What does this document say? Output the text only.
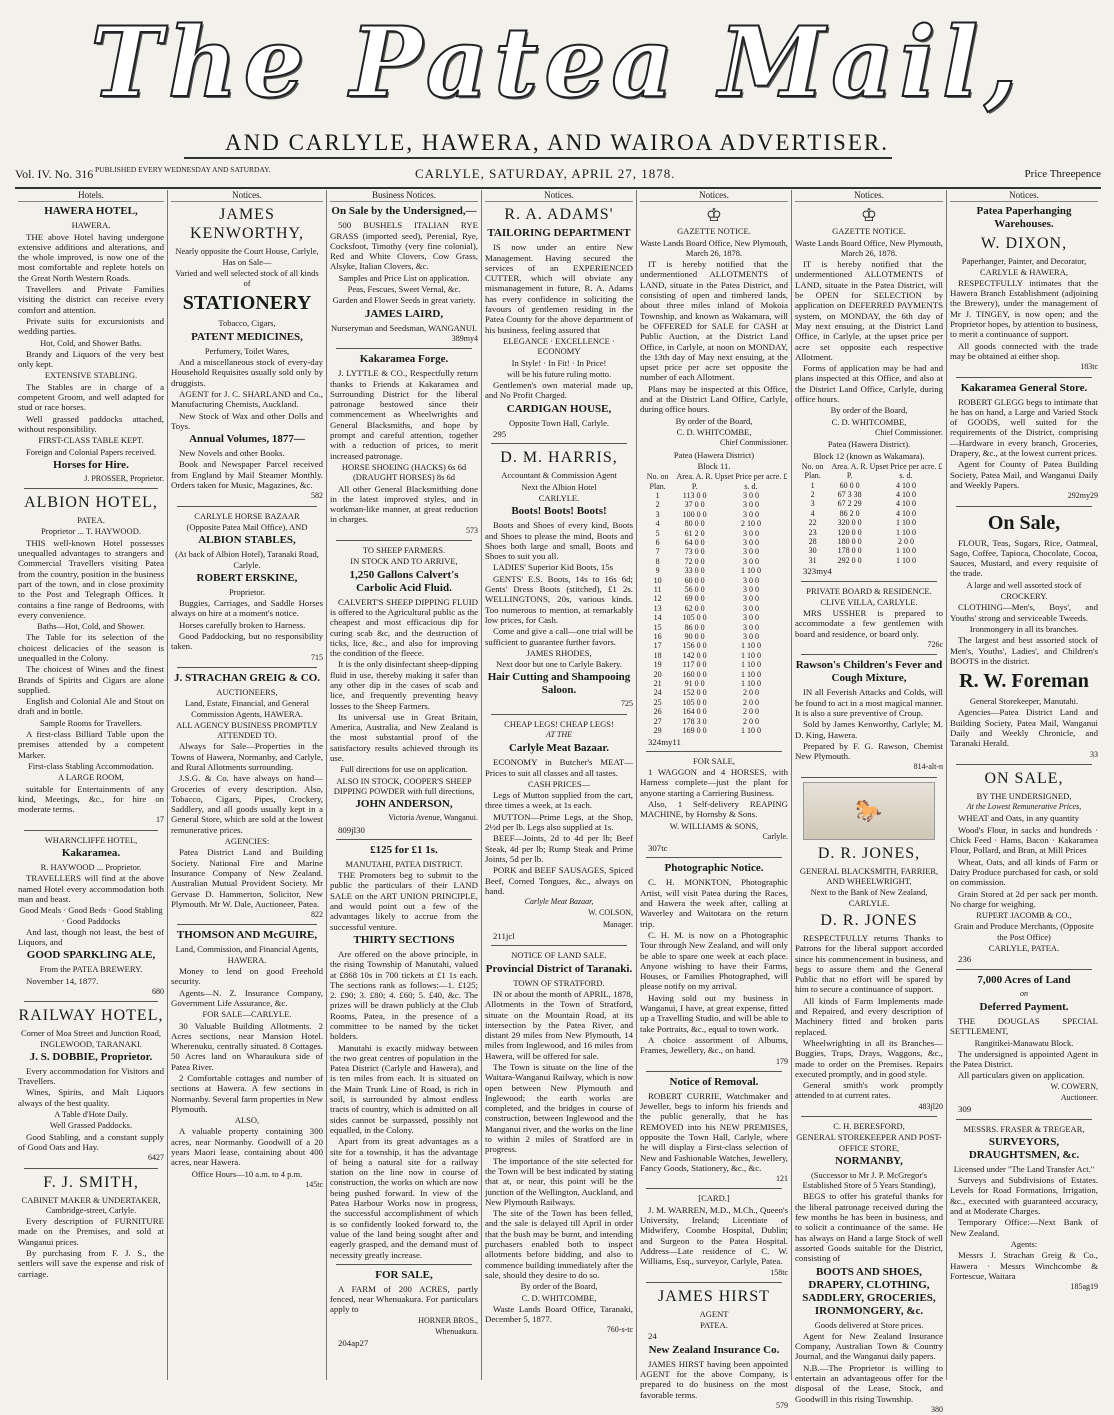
The Patea Mail,
AND CARLYLE, HAWERA, AND WAIROA ADVERTISER.
Vol. IV. No. 316 PUBLISHED EVERY WEDNESDAY AND SATURDAY.	CARLYLE, SATURDAY, APRIL 27, 1878.	Price Threepence
Hotels.
HAWERA HOTEL,
HAWERA.
THE above Hotel having undergone extensive additions and alterations, and the whole improved, is now one of the most comfortable and replete hotels on the Great North Western Roads.
Travellers and Private Families visiting the district can receive every comfort and attention.
Private suits for excursionists and wedding parties.
Hot, Cold, and Shower Baths.
Brandy and Liquors of the very best only kept.
EXTENSIVE STABLING.
The Stables are in charge of a competent Groom, and well adapted for stud or race horses.
Well grassed paddocks attached, without responsibility.
FIRST-CLASS TABLE KEPT.
Foreign and Colonial Papers received.
Horses for Hire.
J. PROSSER, Proprietor.
ALBION HOTEL,
PATEA.
Proprietor ... T. HAYWOOD.
THIS well-known Hotel possesses unequalled advantages to strangers and Commercial Travellers visiting Patea from the country, position in the business part of the town, and in close proximity to the Post and Telegraph Offices. It contains a fine range of Bedrooms, with every convenience.
Baths—Hot, Cold, and Shower.
The Table for its selection of the choicest delicacies of the season is unequalled in the Colony.
The choicest of Wines and the finest Brands of Spirits and Cigars are alone supplied.
English and Colonial Ale and Stout on draft and in bottle.
Sample Rooms for Travellers.
A first-class Billiard Table upon the premises attended by a competent Marker.
First-class Stabling Accommodation.
A LARGE ROOM,
suitable for Entertainments of any kind, Meetings, &c., for hire on moderate terms.
17
WHARNCLIFFE HOTEL,
Kakaramea.
R. HAYWOOD ... Proprietor.
TRAVELLERS will find at the above named Hotel every accommodation both man and beast.
Good Meals · Good Beds · Good Stabling · Good Paddocks
And last, though not least, the best of Liquors, and
GOOD SPARKLING ALE,
From the PATEA BREWERY.
November 14, 1877.
680
RAILWAY HOTEL,
Corner of Moa Street and Junction Road, INGLEWOOD, TARANAKI.
J. S. DOBBIE, Proprietor.
Every accommodation for Visitors and Travellers.
Wines, Spirits, and Malt Liquors always of the best quality.
A Table d'Hote Daily.
Well Grassed Paddocks.
Good Stabling, and a constant supply of Good Oats and Hay.
6427
F. J. SMITH,
CABINET MAKER & UNDERTAKER, Cambridge-street, Carlyle.
Every description of FURNITURE made on the Premises, and sold at Wanganui prices.
By purchasing from F. J. S., the settlers will save the expense and risk of carriage.
Notices.
JAMES KENWORTHY,
Nearly opposite the Court House, Carlyle, Has on Sale—
Varied and well selected stock of all kinds of
STATIONERY
Tobacco, Cigars,
PATENT MEDICINES,
Perfumery, Toilet Wares,
And a miscellaneous stock of every-day Household Requisites usually sold only by druggists.
AGENT for J. C. SHARLAND and Co., Manufacturing Chemists, Auckland.
New Stock of Wax and other Dolls and Toys.
Annual Volumes, 1877—
New Novels and other Books.
Book and Newspaper Parcel received from England by Mail Steamer Monthly. Orders taken for Music, Magazines, &c.
582
CARLYLE HORSE BAZAAR
(Opposite Patea Mail Office), AND
ALBION STABLES,
(At back of Albion Hotel), Taranaki Road, Carlyle.
ROBERT ERSKINE,
Proprietor.
Buggies, Carriages, and Saddle Horses always on hire at a moment's notice.
Horses carefully broken to Harness.
Good Paddocking, but no responsibility taken.
715
J. STRACHAN GREIG & CO.
AUCTIONEERS,
Land, Estate, Financial, and General Commission Agents, HAWERA.
ALL AGENCY BUSINESS PROMPTLY ATTENDED TO.
Always for Sale—Properties in the Towns of Hawera, Normanby, and Carlyle, and Rural Allotments surrounding.
J.S.G. & Co. have always on hand—Groceries of every description. Also, Tobacco, Cigars, Pipes, Crockery, Saddlery, and all goods usually kept in a General Store, which are sold at the lowest remunerative prices.
AGENCIES:
Patea District Land and Building Society. National Fire and Marine Insurance Company of New Zealand. Australian Mutual Provident Society. Mr Gervase D. Hammerton, Solicitor, New Plymouth. Mr W. Dale, Auctioneer, Patea.
822
THOMSON AND McGUIRE,
Land, Commission, and Financial Agents, HAWERA.
Money to lend on good Freehold security.
Agents—N. Z. Insurance Company, Government Life Assurance, &c.
FOR SALE—CARLYLE.
30 Valuable Building Allotments. 2 Acres sections, near Mansion Hotel. Wherenuku, centrally situated. 8 Cottages. 50 Acres land on Wharaukura side of Patea River.
2 Comfortable cottages and number of sections at Hawera. A few sections in Normanby. Several farm properties in New Plymouth.
ALSO,
A valuable property containing 300 acres, near Normanby. Goodwill of a 20 years Maori lease, containing about 400 acres, near Hawera.
Office Hours—10 a.m. to 4 p.m.
145tc
Business Notices.
On Sale by the Undersigned,—
500 BUSHELS ITALIAN RYE GRASS (imported seed), Perenial, Rye, Cocksfoot, Timothy (very fine colonial), Red and White Clovers, Cow Grass, Alsyke, Italian Clovers, &c.
Samples and Price List on application.
Peas, Fescues, Sweet Vernal, &c.
Garden and Flower Seeds in great variety.
JAMES LAIRD,
Nurseryman and Seedsman, WANGANUI.
389my4
Kakaramea Forge.
J. LYTTLE & CO., Respectfully return thanks to Friends at Kakaramea and Surrounding District for the liberal patronage bestowed since their commencement as Wheelwrights and General Blacksmiths, and hope by prompt and careful attention, together with a reduction of prices, to merit increased patronage.
HORSE SHOEING (HACKS) 6s 6d (DRAUGHT HORSES) 8s 6d
All other General Blacksmithing done in the latest improved styles, and in workman-like manner, at great reduction in charges.
573
TO SHEEP FARMERS.
IN STOCK AND TO ARRIVE,
1,250 Gallons Calvert's Carbolic Acid Fluid.
CALVERT'S SHEEP DIPPING FLUID is offered to the Agricultural public as the cheapest and most efficacious dip for curing scab &c, and the destruction of ticks, lice, &c., and also for improving the condition of the fleece.
It is the only disinfectant sheep-dipping fluid in use, thereby making it safer than any other dip in the cases of scab and lice, and frequently preventing heavy losses to the Sheep Farmers.
Its universal use in Great Britain, America, Australia, and New Zealand is the most substantial proof of the satisfactory results achieved through its use.
Full directions for use on application.
ALSO IN STOCK, COOPER'S SHEEP DIPPING POWDER with full directions,
JOHN ANDERSON,
Victoria Avenue, Wanganui.
809jl30
£125 for £1 1s.
MANUTAHI, PATEA DISTRICT.
THE Promoters beg to submit to the public the particulars of their LAND SALE on the ART UNION PRINCIPLE, and would point out a few of the advantages likely to accrue from the successful venture.
THIRTY SECTIONS
Are offered on the above principle, in the rising Township of Manutahi, valued at £868 10s in 700 tickets at £1 1s each. The sections rank as follows:—1. £125; 2. £90; 3. £80; 4. £60; 5. £40, &c. The prizes will be drawn publicly at the Club Rooms, Patea, in the presence of a committee to be named by the ticket holders.
Manutahi is exactly midway between the two great centres of population in the Patea District (Carlyle and Hawera), and is ten miles from each. It is situated on the Main Trunk Line of Road, is rich in soil, is surrounded by almost endless tracts of country, which is admitted on all sides cannot be surpassed, possibly not equalled, in the Colony.
Apart from its great advantages as a site for a township, it has the advantage of being a natural site for a railway station on the line now in course of construction, the works on which are now being pushed forward. In view of the Patea Harbour Works now in progress, the successful accomplishment of which is so confidently looked forward to, the value of the land being sought after and eagerly grasped, and the demand must of necessity greatly increase.
FOR SALE,
A FARM of 200 ACRES, partly fenced, near Whenuakura. For particulars apply to
HORNER BROS.,
Whenuakura.
204ap27
Notices.
R. A. ADAMS'
TAILORING DEPARTMENT
IS now under an entire New Management. Having secured the services of an EXPERIENCED CUTTER, which will obviate any mismanagement in future, R. A. Adams has every confidence in soliciting the favours of gentlemen residing in the Patea County for the above department of his business, feeling assured that
ELEGANCE · EXCELLENCE · ECONOMY
In Style! · In Fit! · In Price!
will be his future ruling motto.
Gentlemen's own material made up, and No Profit Charged.
CARDIGAN HOUSE,
Opposite Town Hall, Carlyle.
295
D. M. HARRIS,
Accountant & Commission Agent
Next the Albion Hotel
CARLYLE.
Boots! Boots! Boots!
Boots and Shoes of every kind, Boots and Shoes to please the mind, Boots and Shoes both large and small, Boots and Shoes to suit you all.
LADIES' Superior Kid Boots, 15s
GENTS' E.S. Boots, 14s to 16s 6d; Gents' Dress Boots (stitched), £1 2s. WELLINGTONS, 20s, various kinds. Too numerous to mention, at remarkably low prices, for Cash.
Come and give a call—one trial will be sufficient to guarantee further favors.
JAMES RHODES,
Next door but one to Carlyle Bakery.
Hair Cutting and Shampooing Saloon.
725
CHEAP LEGS! CHEAP LEGS!
AT THE
Carlyle Meat Bazaar.
ECONOMY in Butcher's MEAT—Prices to suit all classes and all tastes.
CASH PRICES—
Legs of Mutton supplied from the cart, three times a week, at 1s each.
MUTTON—Prime Legs, at the Shop, 2½d per lb. Legs also supplied at 1s.
BEEF—Joints, 2d to 4d per lb; Beef Steak, 4d per lb; Rump Steak and Prime Joints, 5d per lb.
PORK and BEEF SAUSAGES, Spiced Beef, Corned Tongues, &c., always on hand.
Carlyle Meat Bazaar,
W. COLSON,
Manager.
211jcl
NOTICE OF LAND SALE.
Provincial District of Taranaki.
TOWN OF STRATFORD.
IN or about the month of APRIL, 1878, Allotments in the Town of Stratford, situate on the Mountain Road, at its intersection by the Patea River, and distant 29 miles from New Plymouth, 14 miles from Inglewood, and 16 miles from Hawera, will be offered for sale.
The Town is situate on the line of the Waitara-Wanganui Railway, which is now open between New Plymouth and Inglewood; the earth works are completed, and the bridges in course of construction, between Inglewood and the Manganui river, and the works on the line to within 2 miles of Stratford are in progress.
The importance of the site selected for the Town will be best indicated by stating that at, or near, this point will be the junction of the Wellington, Auckland, and New Plymouth Railways.
The site of the Town has been felled, and the sale is delayed till April in order that the bush may be burnt, and intending purchasers enabled both to inspect allotments before bidding, and also to commence building immediately after the sale, should they desire to do so.
By order of the Board,
C. D. WHITCOMBE,
Waste Lands Board Office, Taranaki, December 5, 1877.
760-s-tc
Notices.
♔
GAZETTE NOTICE.
Waste Lands Board Office, New Plymouth, March 26, 1878.
IT is hereby notified that the undermentioned ALLOTMENTS of LAND, situate in the Patea District, and consisting of open and timbered lands, about three miles inland of Mokoia Township, and known as Wakamara, will be OFFERED for SALE for CASH at Public Auction, at the District Land Office, in Carlyle, at noon on MONDAY, the 13th day of May next ensuing, at the upset price per acre set opposite the number of each Allotment.
Plans may be inspected at this Office, and at the District Land Office, Carlyle, during office hours.
By order of the Board,
C. D. WHITCOMBE,
Chief Commissioner.
Patea (Hawera District)
Block 11.
No. on Plan.	Area. A. R. P.	Upset Price per acre. £ s. d.
1	113 0 0	3 0 0
2	37 0 0	3 0 0
3	100 0 0	3 0 0
4	80 0 0	2 10 0
5	61 2 0	3 0 0
6	64 0 0	3 0 0
7	73 0 0	3 0 0
8	72 0 0	3 0 0
9	33 0 0	1 10 0
10	60 0 0	3 0 0
11	56 0 0	3 0 0
12	69 0 0	3 0 0
13	62 0 0	3 0 0
14	105 0 0	3 0 0
15	86 0 0	3 0 0
16	90 0 0	3 0 0
17	156 0 0	1 10 0
18	142 0 0	1 10 0
19	117 0 0	1 10 0
20	160 0 0	1 10 0
21	91 0 0	1 10 0
24	152 0 0	2 0 0
25	105 0 0	2 0 0
26	164 0 0	2 0 0
27	178 3 0	2 0 0
29	169 0 0	1 10 0
324my11
FOR SALE,
1 WAGGON and 4 HORSES, with Harness complete—just the plant for anyone starting a Carriering Business.
Also, 1 Self-delivery REAPING MACHINE, by Hornsby & Sons.
W. WILLIAMS & SONS,
Carlyle.
307tc
Photographic Notice.
C. H. MONKTON, Photographic Artist, will visit Patea during the Races, and Hawera the week after, calling at Waverley and Waitotara on the return trip.
C. H. M. is now on a Photographic Tour through New Zealand, and will only be able to spare one week at each place. Anyone wishing to have their Farms, Houses, or Families Photographed, will please notify on my arrival.
Having sold out my business in Wanganui, I have, at great expense, fitted up a Travelling Studio, and will be able to take Portraits, &c., equal to town work.
A choice assortment of Albums, Frames, Jewellery, &c., on hand.
179
Notice of Removal.
ROBERT CURRIE, Watchmaker and Jeweller, begs to inform his friends and the public generally, that he has REMOVED into his NEW PREMISES, opposite the Town Hall, Carlyle, where he will display a First-class selection of New and Fashionable Watches, Jewellery, Fancy Goods, Stationery, &c., &c.
121
[CARD.]
J. M. WARREN, M.D., M.Ch., Queen's University, Ireland; Licentiate of Midwifery, Coombe Hospital, Dublin; and Surgeon to the Patea Hospital. Address—Late residence of C. W. Williams, Esq., surveyor, Carlyle, Patea.
158tc
JAMES HIRST
AGENT
PATEA.
24
New Zealand Insurance Co.
JAMES HIRST having been appointed AGENT for the above Company, is prepared to do business on the most favorable terms.
579
Notices.
♔
GAZETTE NOTICE.
Waste Lands Board Office, New Plymouth, March 26, 1878.
IT is hereby notified that the undermentioned ALLOTMENTS of LAND, situate in the Patea District, will be OPEN for SELECTION by application on DEFERRED PAYMENTS system, on MONDAY, the 6th day of May next ensuing, at the District Land Office, in Carlyle, at the upset price per acre set opposite each respective Allotment.
Forms of application may be had and plans inspected at this Office, and also at the District Land Office, Carlyle, during office hours.
By order of the Board,
C. D. WHITCOMBE,
Chief Commissioner.
Patea (Hawera District).
Block 12 (known as Wakamara).
No. on Plan.	Area. A. R. P.	Upset Price per acre. £ s. d.
1	60 0 0	4 10 0
2	67 3 38	4 10 0
3	67 2 29	4 10 0
4	86 2 0	4 10 0
22	320 0 0	1 10 0
23	120 0 0	1 10 0
28	180 0 0	2 0 0
30	178 0 0	1 10 0
31	292 0 0	1 10 0
323my4
PRIVATE BOARD & RESIDENCE.
CLIVE VILLA, CARLYLE.
MRS USSHER is prepared to accommodate a few gentlemen with board and residence, or board only.
726c
Rawson's Children's Fever and Cough Mixture,
IN all Feverish Attacks and Colds, will be found to act in a most magical manner. It is also a sure preventive of Croup.
Sold by James Kenworthy, Carlyle; M. D. King, Hawera.
Prepared by F. G. Rawson, Chemist New Plymouth.
814-alt-n
🐎
D. R. JONES,
GENERAL BLACKSMITH, FARRIER, AND WHEELWRIGHT,
Next to the Bank of New Zealand, CARLYLE.
D. R. JONES
RESPECTFULLY returns Thanks to Patrons for the liberal support accorded since his commencement in business, and begs to assure them and the General Public that no effort will be spared by him to secure a continuance of support.
All kinds of Farm Implements made and Repaired, and every description of Machinery fitted and broken parts replaced.
Wheelwrighting in all its Branches—Buggies, Traps, Drays, Waggons, &c., made to order on the Premises. Repairs executed promptly, and in good style.
General smith's work promptly attended to at current rates.
483jl20
C. H. BERESFORD,
GENERAL STOREKEEPER AND POST-OFFICE STORE,
NORMANBY,
(Successor to Mr J. P. McGregor's Established Store of 5 Years Standing),
BEGS to offer his grateful thanks for the liberal patronage received during the few months he has been in business, and to solicit a continuance of the same. He has always on Hand a large Stock of well assorted Goods suitable for the District, consisting of
BOOTS AND SHOES, DRAPERY, CLOTHING, SADDLERY, GROCERIES, IRONMONGERY, &c.
Goods delivered at Store prices.
Agent for New Zealand Insurance Company, Australian Town & Country Journal, and the Wanganui daily papers.
N.B.—The Proprietor is willing to entertain an advantageous offer for the disposal of the Lease, Stock, and Goodwill in this rising Township.
380
Notices.
Patea Paperhanging Warehouses.
W. DIXON,
Paperhanger, Painter, and Decorator, CARLYLE & HAWERA,
RESPECTFULLY intimates that the Hawera Branch Establishment (adjoining the Brewery), under the management of Mr J. TINGEY, is now open; and the Proprietor hopes, by attention to business, to merit a continuance of support.
All goods connected with the trade may be obtained at either shop.
183tc
Kakaramea General Store.
ROBERT GLEGG begs to intimate that he has on hand, a Large and Varied Stock of GOODS, well suited for the requirements of the District, comprising—Hardware in every branch, Groceries, Drapery, &c., at the lowest current prices.
Agent for County of Patea Building Society, Patea Mail, and Wanganui Daily and Weekly Papers.
292my29
On Sale,
FLOUR, Teas, Sugars, Rice, Oatmeal, Sago, Coffee, Tapioca, Chocolate, Cocoa, Sauces, Mustard, and every requisite of the trade.
A large and well assorted stock of
CROCKERY.
CLOTHING—Men's, Boys', and Youths' strong and serviceable Tweeds.
Ironmongery in all its branches.
The largest and best assorted stock of Men's, Youths', Ladies', and Children's BOOTS in the district.
R. W. Foreman
General Storekeeper, Manutahi.
Agencies—Patea District Land and Building Society, Patea Mail, Wanganui Daily and Weekly Chronicle, and Taranaki Herald.
33
ON SALE,
BY THE UNDERSIGNED,
At the Lowest Remunerative Prices,
WHEAT and Oats, in any quantity
Wood's Flour, in sacks and hundreds · Chick Feed · Hams, Bacon · Kakaramea Flour, Pollard, and Bran, at Mill Prices
Wheat, Oats, and all kinds of Farm or Dairy Produce purchased for cash, or sold on commission.
Grain Stored at 2d per sack per month. No charge for weighing.
RUPERT JACOMB & CO.,
Grain and Produce Merchants, (Opposite the Post Office)
CARLYLE, PATEA.
236
7,000 Acres of Land
on
Deferred Payment.
THE DOUGLAS SPECIAL SETTLEMENT,
Rangitikei-Manawatu Block.
The undersigned is appointed Agent in the Patea District.
All particulars given on application.
W. COWERN,
Auctioneer.
309
MESSRS. FRASER & TREGEAR,
SURVEYORS, DRAUGHTSMEN, &c.
Licensed under "The Land Transfer Act."
Surveys and Subdivisions of Estates. Levels for Road Formations, Irrigation, &c., executed with guaranteed accuracy, and at Moderate Charges.
Temporary Office:—Next Bank of New Zealand.
Agents:
Messrs J. Strachan Greig & Co., Hawera · Messrs Winchcombe & Fortescue, Waitara
185ag19
